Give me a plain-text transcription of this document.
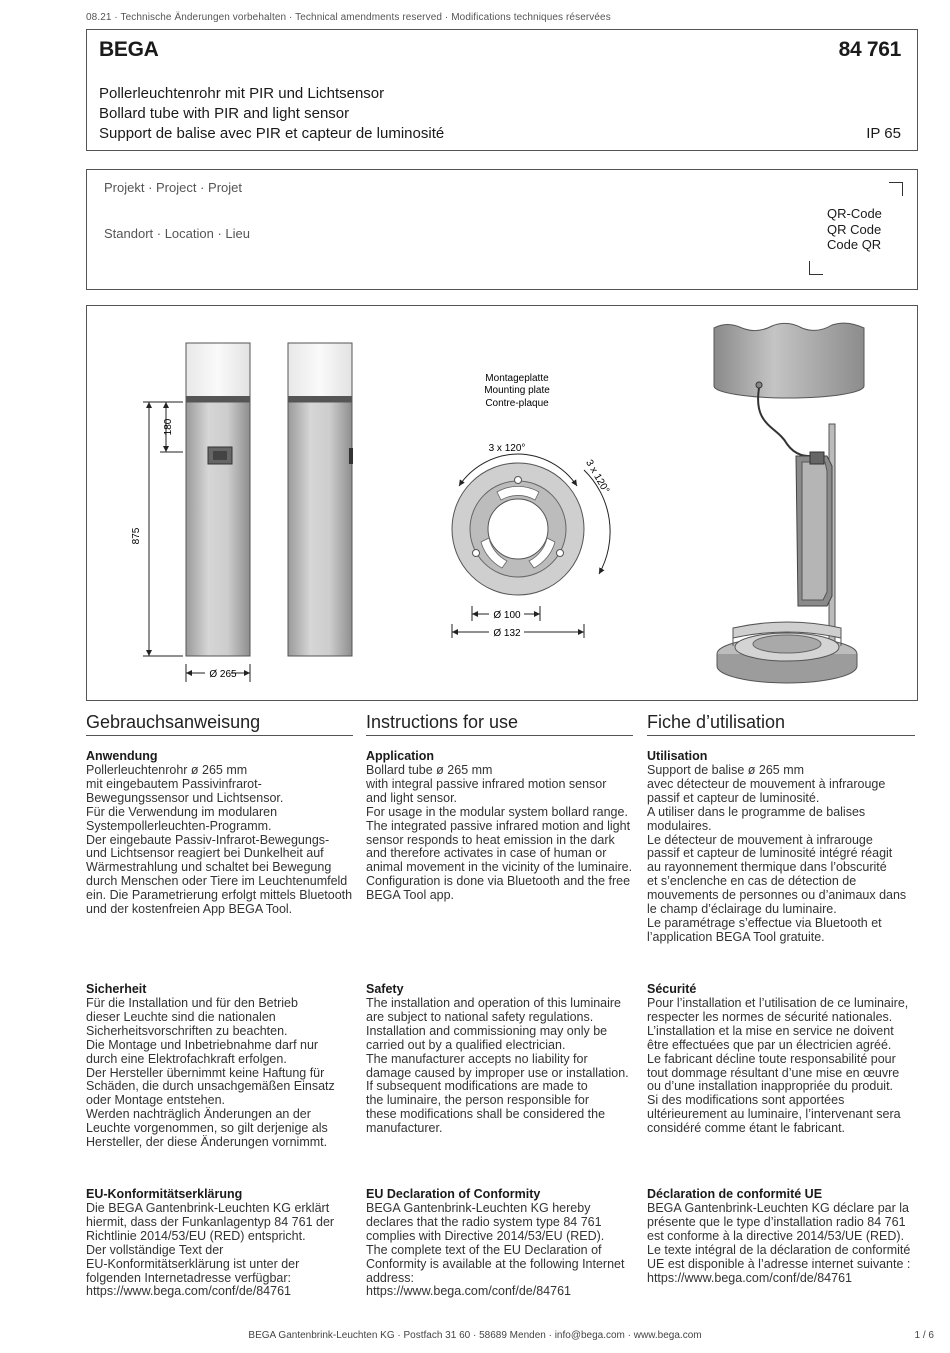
08.21 · Technische Änderungen vorbehalten · Technical amendments reserved · Modifications techniques réservées
BEGA	84 761
Pollerleuchtenrohr mit PIR und Lichtsensor
Bollard tube with PIR and light sensor
Support de balise avec PIR et capteur de luminosité	IP 65
Projekt · Project · Projet
Standort · Location · Lieu
QR-Code
QR Code
Code QR
875
180
Ø 265
Montageplatte
Mounting plate
Contre-plaque
3 x 120°
3 x 120°
Ø 100
Ø 132
Gebrauchsanweisung	Instructions for use	Fiche d’utilisation
Anwendung
Pollerleuchtenrohr ø 265 mm
mit eingebautem Passivinfrarot-
Bewegungssensor und Lichtsensor.
Für die Verwendung im modularen
Systempollerleuchten-Programm.
Der eingebaute Passiv-Infrarot-Bewegungs-
und Lichtsensor reagiert bei Dunkelheit auf
Wärmestrahlung und schaltet bei Bewegung
durch Menschen oder Tiere im Leuchtenumfeld
ein. Die Parametrierung erfolgt mittels Bluetooth
und der kostenfreien App BEGA Tool.
Sicherheit
Für die Installation und für den Betrieb
dieser Leuchte sind die nationalen
Sicherheitsvorschriften zu beachten.
Die Montage und Inbetriebnahme darf nur
durch eine Elektrofachkraft erfolgen.
Der Hersteller übernimmt keine Haftung für
Schäden, die durch unsachgemäßen Einsatz
oder Montage entstehen.
Werden nachträglich Änderungen an der
Leuchte vorgenommen, so gilt derjenige als
Hersteller, der diese Änderungen vornimmt.
EU-Konformitätserklärung
Die BEGA Gantenbrink-Leuchten KG erklärt
hiermit, dass der Funkanlagentyp 84 761 der
Richtlinie 2014/53/EU (RED) entspricht.
Der vollständige Text der
EU-Konformitätserklärung ist unter der
folgenden Internetadresse verfügbar:
https://www.bega.com/conf/de/84761
Application
Bollard tube ø 265 mm
with integral passive infrared motion sensor
and light sensor.
For usage in the modular system bollard range.
The integrated passive infrared motion and light
sensor responds to heat emission in the dark
and therefore activates in case of human or
animal movement in the vicinity of the luminaire.
Configuration is done via Bluetooth and the free
BEGA Tool app.
Safety
The installation and operation of this luminaire
are subject to national safety regulations.
Installation and commissioning may only be
carried out by a qualified electrician.
The manufacturer accepts no liability for
damage caused by improper use or installation.
If subsequent modifications are made to
the luminaire, the person responsible for
these modifications shall be considered the
manufacturer.
EU Declaration of Conformity
BEGA Gantenbrink-Leuchten KG hereby
declares that the radio system type 84 761
complies with Directive 2014/53/EU (RED).
The complete text of the EU Declaration of
Conformity is available at the following Internet
address:
https://www.bega.com/conf/de/84761
Utilisation
Support de balise ø 265 mm
avec détecteur de mouvement à infrarouge
passif et capteur de luminosité.
A utiliser dans le programme de balises
modulaires.
Le détecteur de mouvement à infrarouge
passif et capteur de luminosité intégré réagit
au rayonnement thermique dans l’obscurité
et s’enclenche en cas de détection de
mouvements de personnes ou d’animaux dans
le champ d’éclairage du luminaire.
Le paramétrage s’effectue via Bluetooth et
l’application BEGA Tool gratuite.
Sécurité
Pour l’installation et l’utilisation de ce luminaire,
respecter les normes de sécurité nationales.
L’installation et la mise en service ne doivent
être effectuées que par un électricien agréé.
Le fabricant décline toute responsabilité pour
tout dommage résultant d’une mise en œuvre
ou d’une installation inappropriée du produit.
Si des modifications sont apportées
ultérieurement au luminaire, l’intervenant sera
considéré comme étant le fabricant.
Déclaration de conformité UE
BEGA Gantenbrink-Leuchten KG déclare par la
présente que le type d’installation radio 84 761
est conforme à la directive 2014/53/UE (RED).
Le texte intégral de la déclaration de conformité
UE est disponible à l’adresse internet suivante :
https://www.bega.com/conf/de/84761
BEGA Gantenbrink-Leuchten KG · Postfach 31 60 · 58689 Menden · info@bega.com · www.bega.com	1 / 6
